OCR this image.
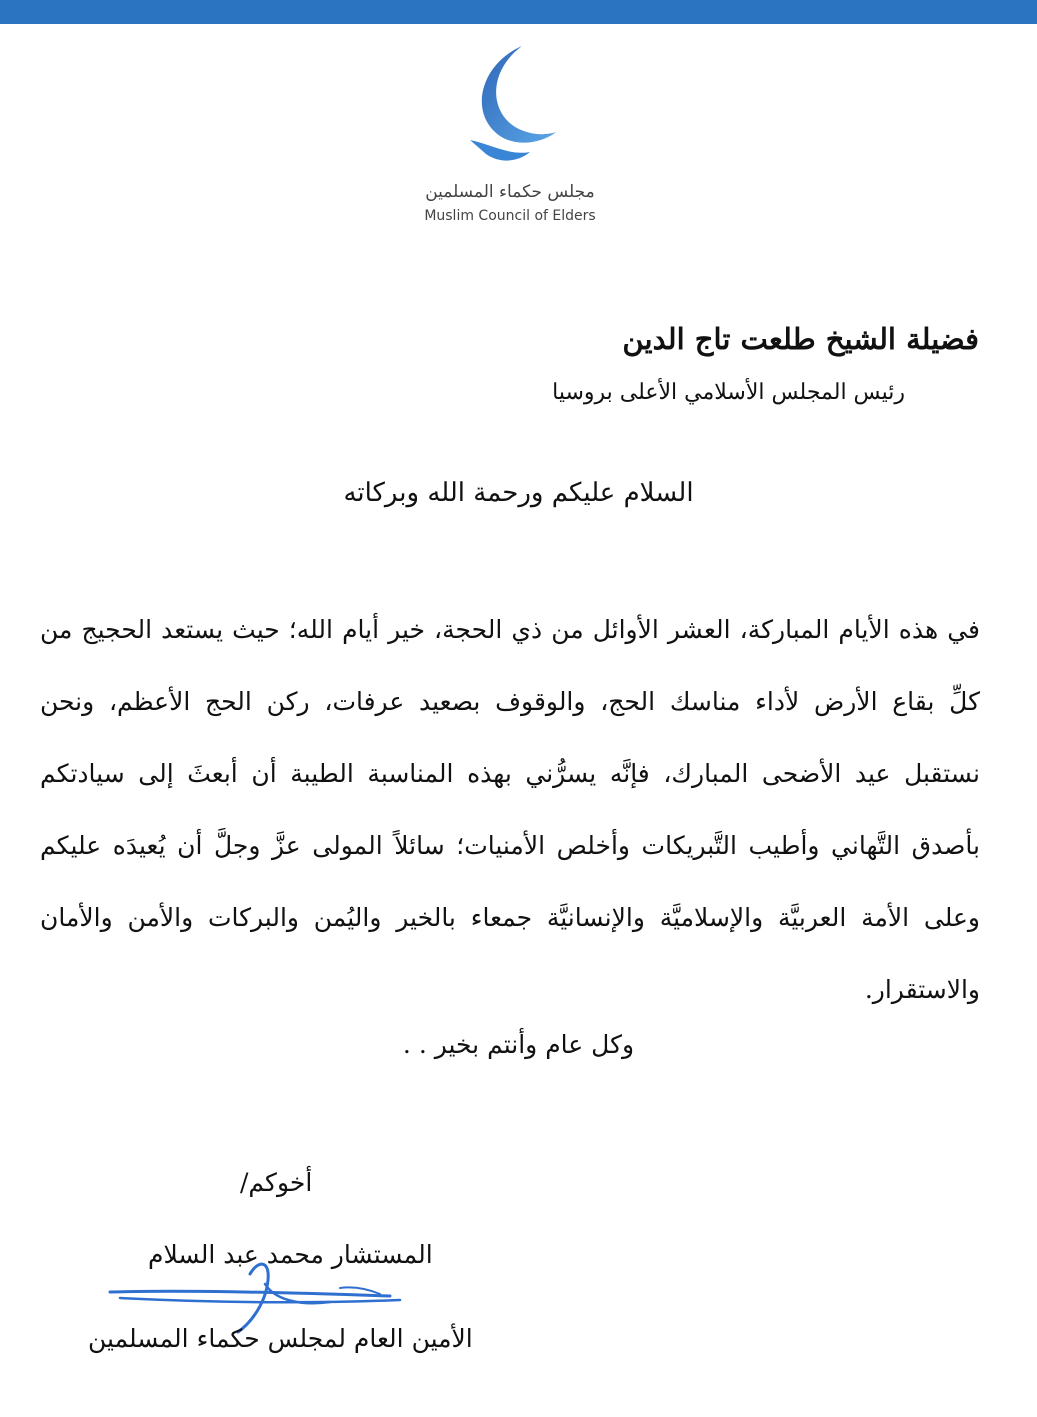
مجلس حكماء المسلمين
Muslim Council of Elders
فضيلة الشيخ طلعت تاج الدين
رئيس المجلس الأسلامي الأعلى بروسيا
السلام عليكم ورحمة الله وبركاته

في هذه الأيام المباركة، العشر الأوائل من ذي الحجة، خير أيام الله؛ حيث يستعد الحجيج من كلِّ بقاع الأرض لأداء مناسك الحج، والوقوف بصعيد عرفات، ركن الحج الأعظم، ونحن نستقبل عيد الأضحى المبارك، فإنَّه يسرُّني بهذه المناسبة الطيبة أن أبعثَ إلى سيادتكم بأصدق التَّهاني وأطيب التَّبريكات وأخلص الأمنيات؛ سائلاً المولى عزَّ وجلَّ أن يُعيدَه عليكم وعلى الأمة العربيَّة والإسلاميَّة والإنسانيَّة جمعاء بالخير واليُمن والبركات والأمن والأمان والاستقرار.

وكل عام وأنتم بخير . .
أخوكم/
المستشار محمد عبد السلام
الأمين العام لمجلس حكماء المسلمين
